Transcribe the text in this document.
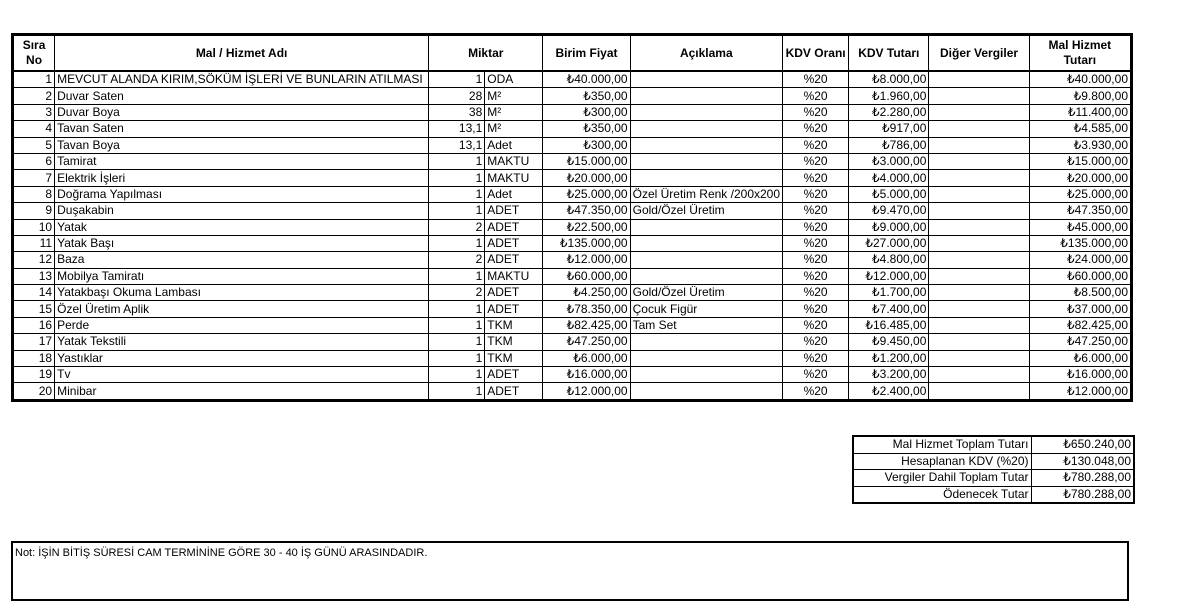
Sıra No	Mal / Hizmet Adı	Miktar		Birim Fiyat	Açıklama	KDV Oranı	KDV Tutarı	Diğer Vergiler	Mal Hizmet Tutarı
1	MEVCUT ALANDA KIRIM,SÖKÜM İŞLERİ VE BUNLARIN ATILMASI	1	ODA	₺40.000,00		%20	₺8.000,00		₺40.000,00
2	Duvar Saten	28	M²	₺350,00		%20	₺1.960,00		₺9.800,00
3	Duvar Boya	38	M²	₺300,00		%20	₺2.280,00		₺11.400,00
4	Tavan Saten	13,1	M²	₺350,00		%20	₺917,00		₺4.585,00
5	Tavan Boya	13,1	Adet	₺300,00		%20	₺786,00		₺3.930,00
6	Tamirat	1	MAKTU	₺15.000,00		%20	₺3.000,00		₺15.000,00
7	Elektrik İşleri	1	MAKTU	₺20.000,00		%20	₺4.000,00		₺20.000,00
8	Doğrama Yapılması	1	Adet	₺25.000,00	Özel Üretim Renk /200x200	%20	₺5.000,00		₺25.000,00
9	Duşakabin	1	ADET	₺47.350,00	Gold/Özel Üretim	%20	₺9.470,00		₺47.350,00
10	Yatak	2	ADET	₺22.500,00		%20	₺9.000,00		₺45.000,00
11	Yatak Başı	1	ADET	₺135.000,00		%20	₺27.000,00		₺135.000,00
12	Baza	2	ADET	₺12.000,00		%20	₺4.800,00		₺24.000,00
13	Mobilya Tamiratı	1	MAKTU	₺60.000,00		%20	₺12.000,00		₺60.000,00
14	Yatakbaşı Okuma Lambası	2	ADET	₺4.250,00	Gold/Özel Üretim	%20	₺1.700,00		₺8.500,00
15	Özel Üretim Aplik	1	ADET	₺78.350,00	Çocuk Figür	%20	₺7.400,00		₺37.000,00
16	Perde	1	TKM	₺82.425,00	Tam Set	%20	₺16.485,00		₺82.425,00
17	Yatak Tekstili	1	TKM	₺47.250,00		%20	₺9.450,00		₺47.250,00
18	Yastıklar	1	TKM	₺6.000,00		%20	₺1.200,00		₺6.000,00
19	Tv	1	ADET	₺16.000,00		%20	₺3.200,00		₺16.000,00
20	Minibar	1	ADET	₺12.000,00		%20	₺2.400,00		₺12.000,00
Mal Hizmet Toplam Tutarı	₺650.240,00
Hesaplanan KDV (%20)	₺130.048,00
Vergiler Dahil Toplam Tutar	₺780.288,00
Ödenecek Tutar	₺780.288,00
Not: İŞİN BİTİŞ SÜRESİ CAM TERMİNİNE GÖRE 30 - 40 İŞ GÜNÜ ARASINDADIR.
